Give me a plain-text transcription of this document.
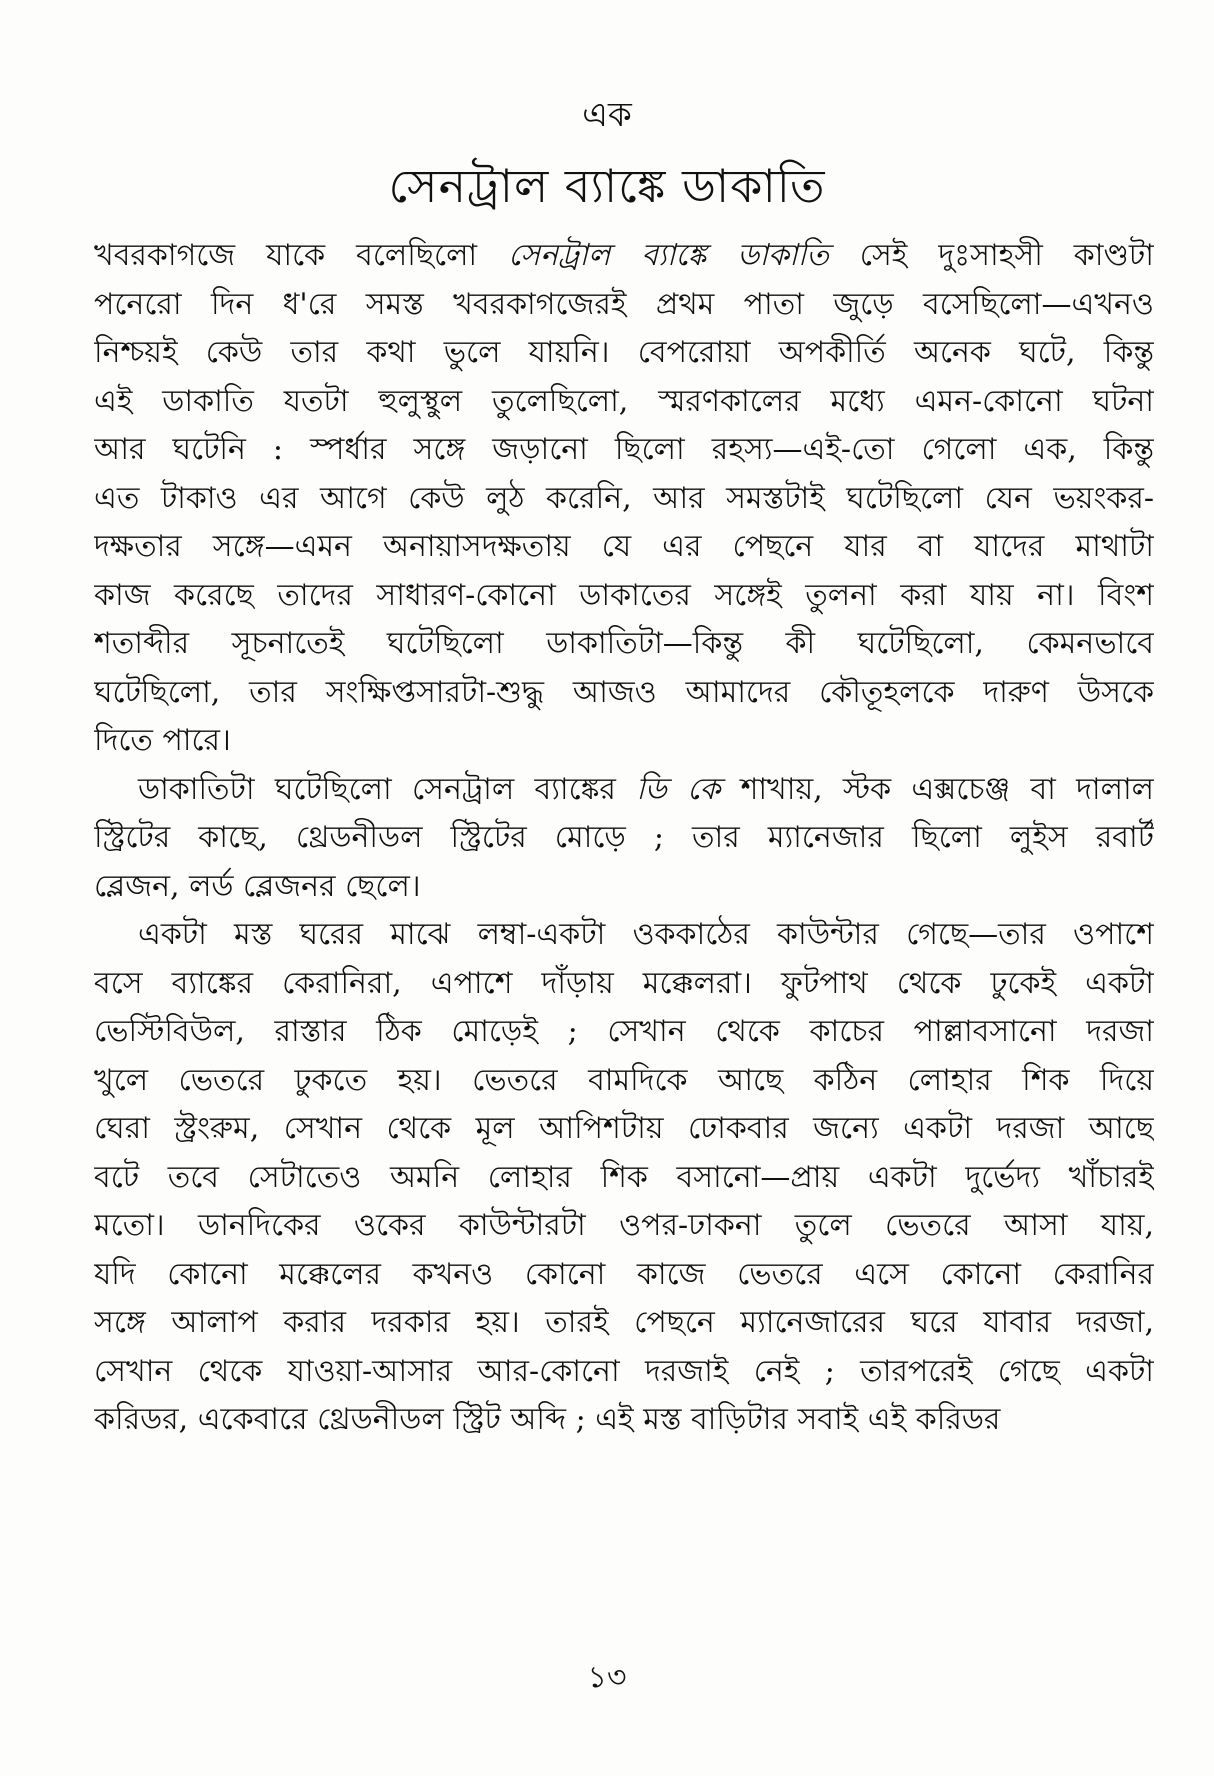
এক
সেনট্রাল ব্যাঙ্কে ডাকাতি
খবরকাগজে যাকে বলেছিলো সেনট্রাল ব্যাঙ্কে ডাকাতি সেই দুঃসাহসী কাণ্ডটা
পনেরো দিন ধ'রে সমস্ত খবরকাগজেরই প্রথম পাতা জুড়ে বসেছিলো—এখনও
নিশ্চয়ই কেউ তার কথা ভুলে যায়নি। বেপরোয়া অপকীর্তি অনেক ঘটে, কিন্তু
এই ডাকাতি যতটা হুলুস্থুল তুলেছিলো, স্মরণকালের মধ্যে এমন-কোনো ঘটনা
আর ঘটেনি : স্পর্ধার সঙ্গে জড়ানো ছিলো রহস্য—এই-তো গেলো এক, কিন্তু
এত টাকাও এর আগে কেউ লুঠ করেনি, আর সমস্তটাই ঘটেছিলো যেন ভয়ংকর-
দক্ষতার সঙ্গে—এমন অনায়াসদক্ষতায় যে এর পেছনে যার বা যাদের মাথাটা
কাজ করেছে তাদের সাধারণ-কোনো ডাকাতের সঙ্গেই তুলনা করা যায় না। বিংশ
শতাব্দীর সূচনাতেই ঘটেছিলো ডাকাতিটা—কিন্তু কী ঘটেছিলো, কেমনভাবে
ঘটেছিলো, তার সংক্ষিপ্তসারটা-শুদ্ধু আজও আমাদের কৌতূহলকে দারুণ উসকে
দিতে পারে।
ডাকাতিটা ঘটেছিলো সেনট্রাল ব্যাঙ্কের ডি কে শাখায়, স্টক এক্সচেঞ্জ বা দালাল
স্ট্রিটের কাছে, থ্রেডনীডল স্ট্রিটের মোড়ে ; তার ম্যানেজার ছিলো লুইস রবার্ট
ব্লেজন, লর্ড ব্লেজনর ছেলে।
একটা মস্ত ঘরের মাঝে লম্বা-একটা ওককাঠের কাউন্টার গেছে—তার ওপাশে
বসে ব্যাঙ্কের কেরানিরা, এপাশে দাঁড়ায় মক্কেলরা। ফুটপাথ থেকে ঢুকেই একটা
ভেস্টিবিউল, রাস্তার ঠিক মোড়েই ; সেখান থেকে কাচের পাল্লাবসানো দরজা
খুলে ভেতরে ঢুকতে হয়। ভেতরে বামদিকে আছে কঠিন লোহার শিক দিয়ে
ঘেরা স্ট্রংরুম, সেখান থেকে মূল আপিশটায় ঢোকবার জন্যে একটা দরজা আছে
বটে তবে সেটাতেও অমনি লোহার শিক বসানো—প্রায় একটা দুর্ভেদ্য খাঁচারই
মতো। ডানদিকের ওকের কাউন্টারটা ওপর-ঢাকনা তুলে ভেতরে আসা যায়,
যদি কোনো মক্কেলের কখনও কোনো কাজে ভেতরে এসে কোনো কেরানির
সঙ্গে আলাপ করার দরকার হয়। তারই পেছনে ম্যানেজারের ঘরে যাবার দরজা,
সেখান থেকে যাওয়া-আসার আর-কোনো দরজাই নেই ; তারপরেই গেছে একটা
করিডর, একেবারে থ্রেডনীডল স্ট্রিট অব্দি ; এই মস্ত বাড়িটার সবাই এই করিডর
১৩
